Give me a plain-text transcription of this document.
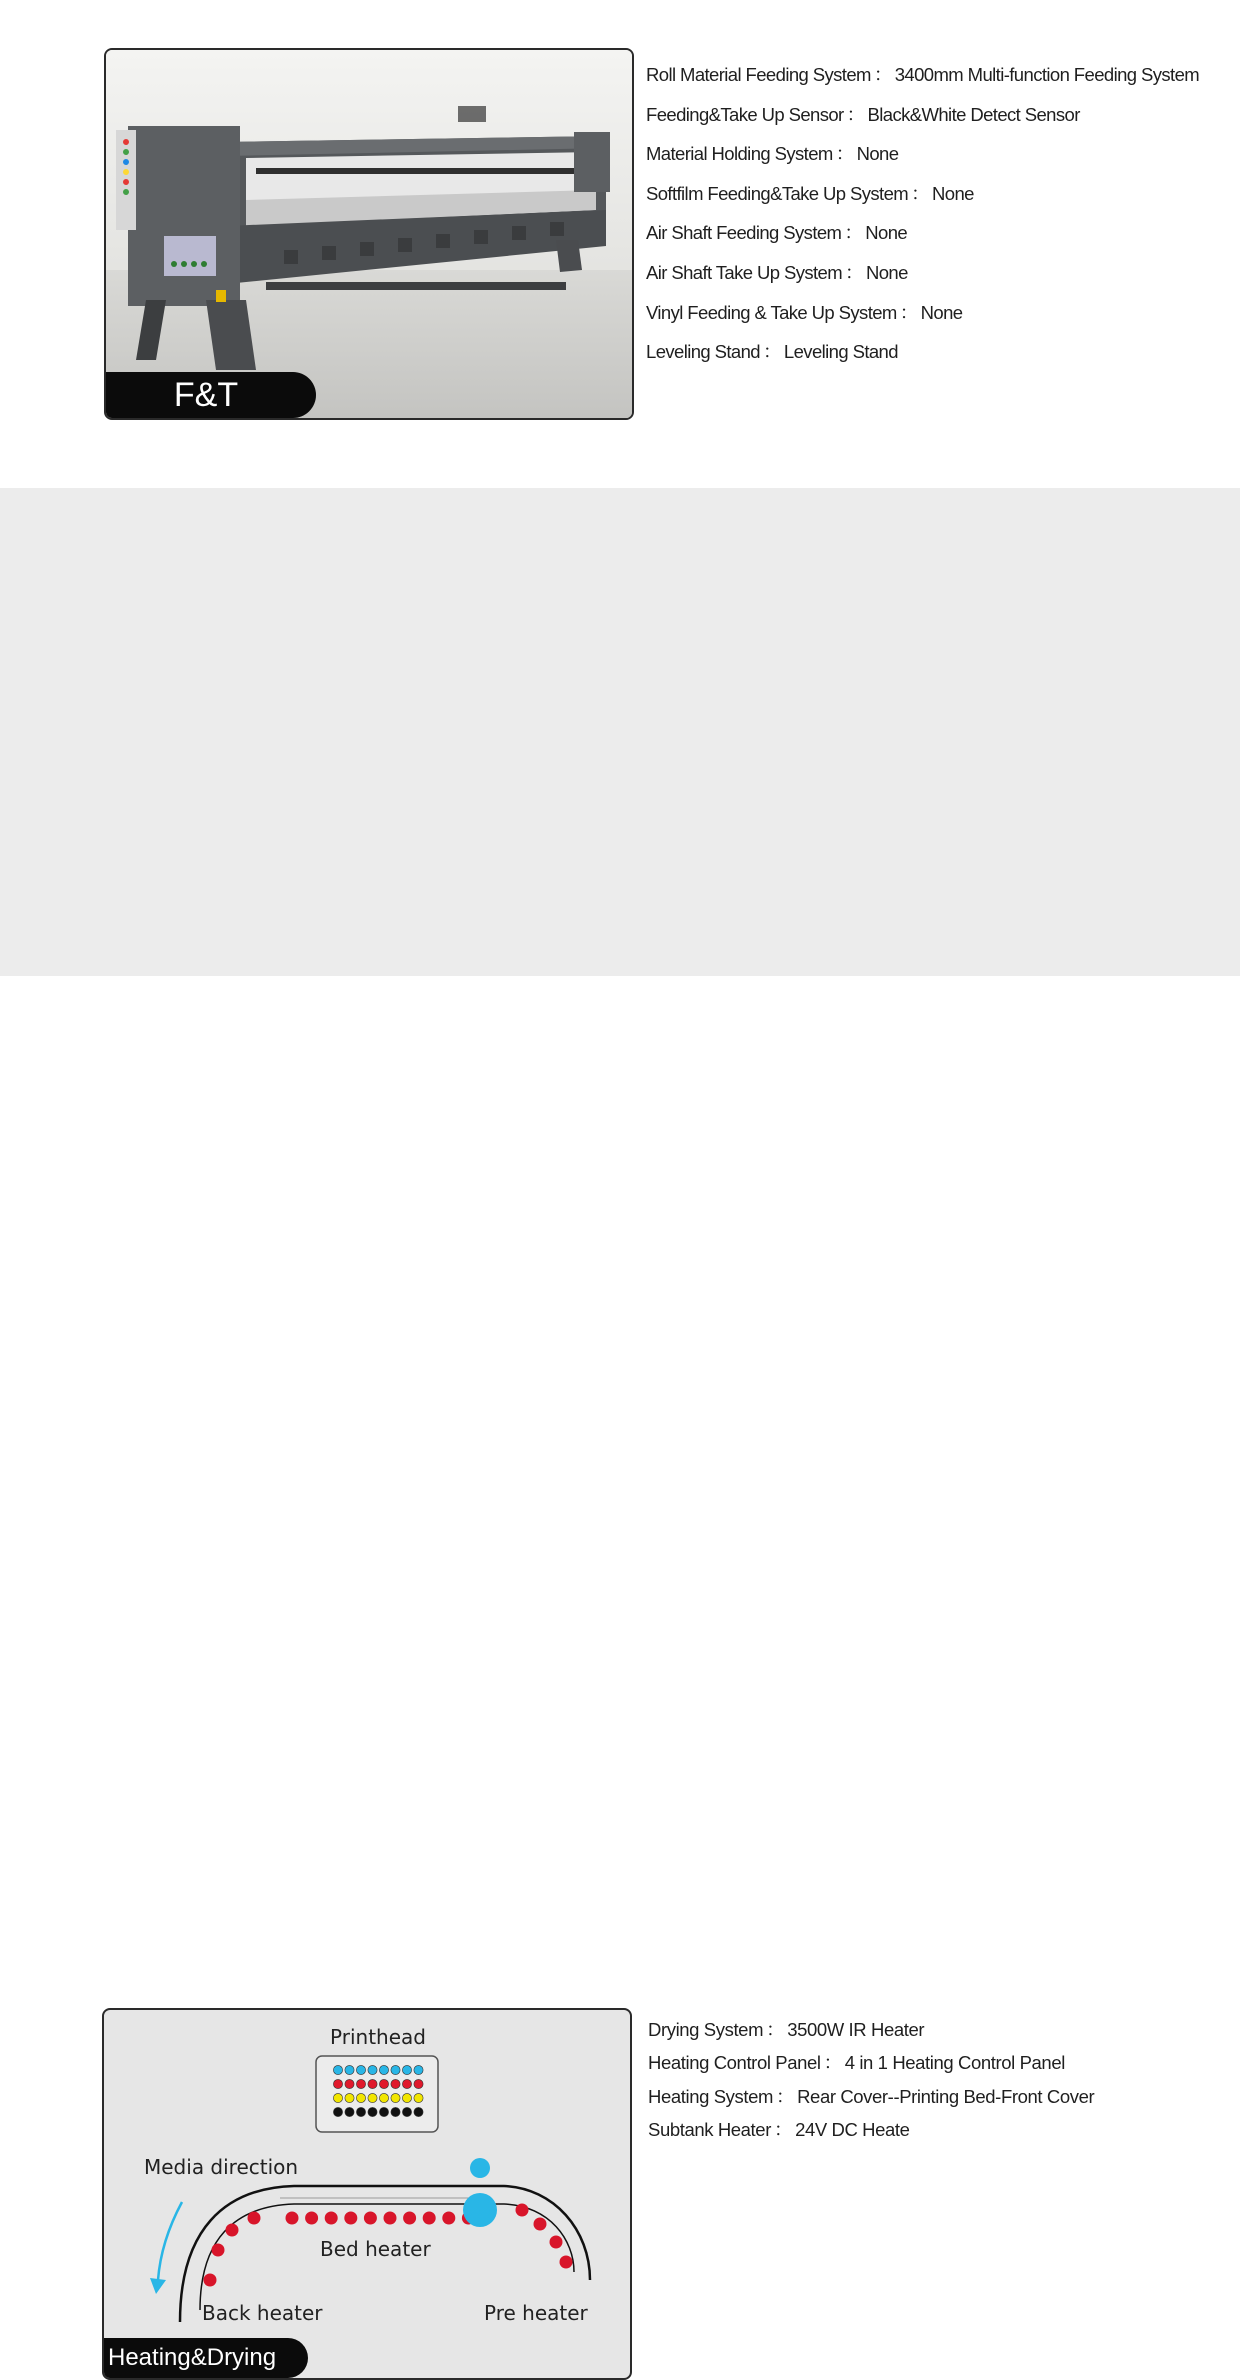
F&T
Roll Material Feeding System ： 3400mm Multi-function Feeding System
Feeding&Take Up Sensor ： Black&White Detect Sensor
Material Holding System ： None
Softfilm Feeding&Take Up System ： None
Air Shaft Feeding System ： None
Air Shaft Take Up System ： None
Vinyl Feeding & Take Up System ： None
Leveling Stand ： Leveling Stand
Printhead
Media direction
Bed heater
Back heater	Pre heater
Heating&Drying
Drying System ： 3500W IR Heater
Heating Control Panel ： 4 in 1 Heating Control Panel
Heating System ： Rear Cover--Printing Bed-Front Cover
Subtank Heater ： 24V DC Heate
